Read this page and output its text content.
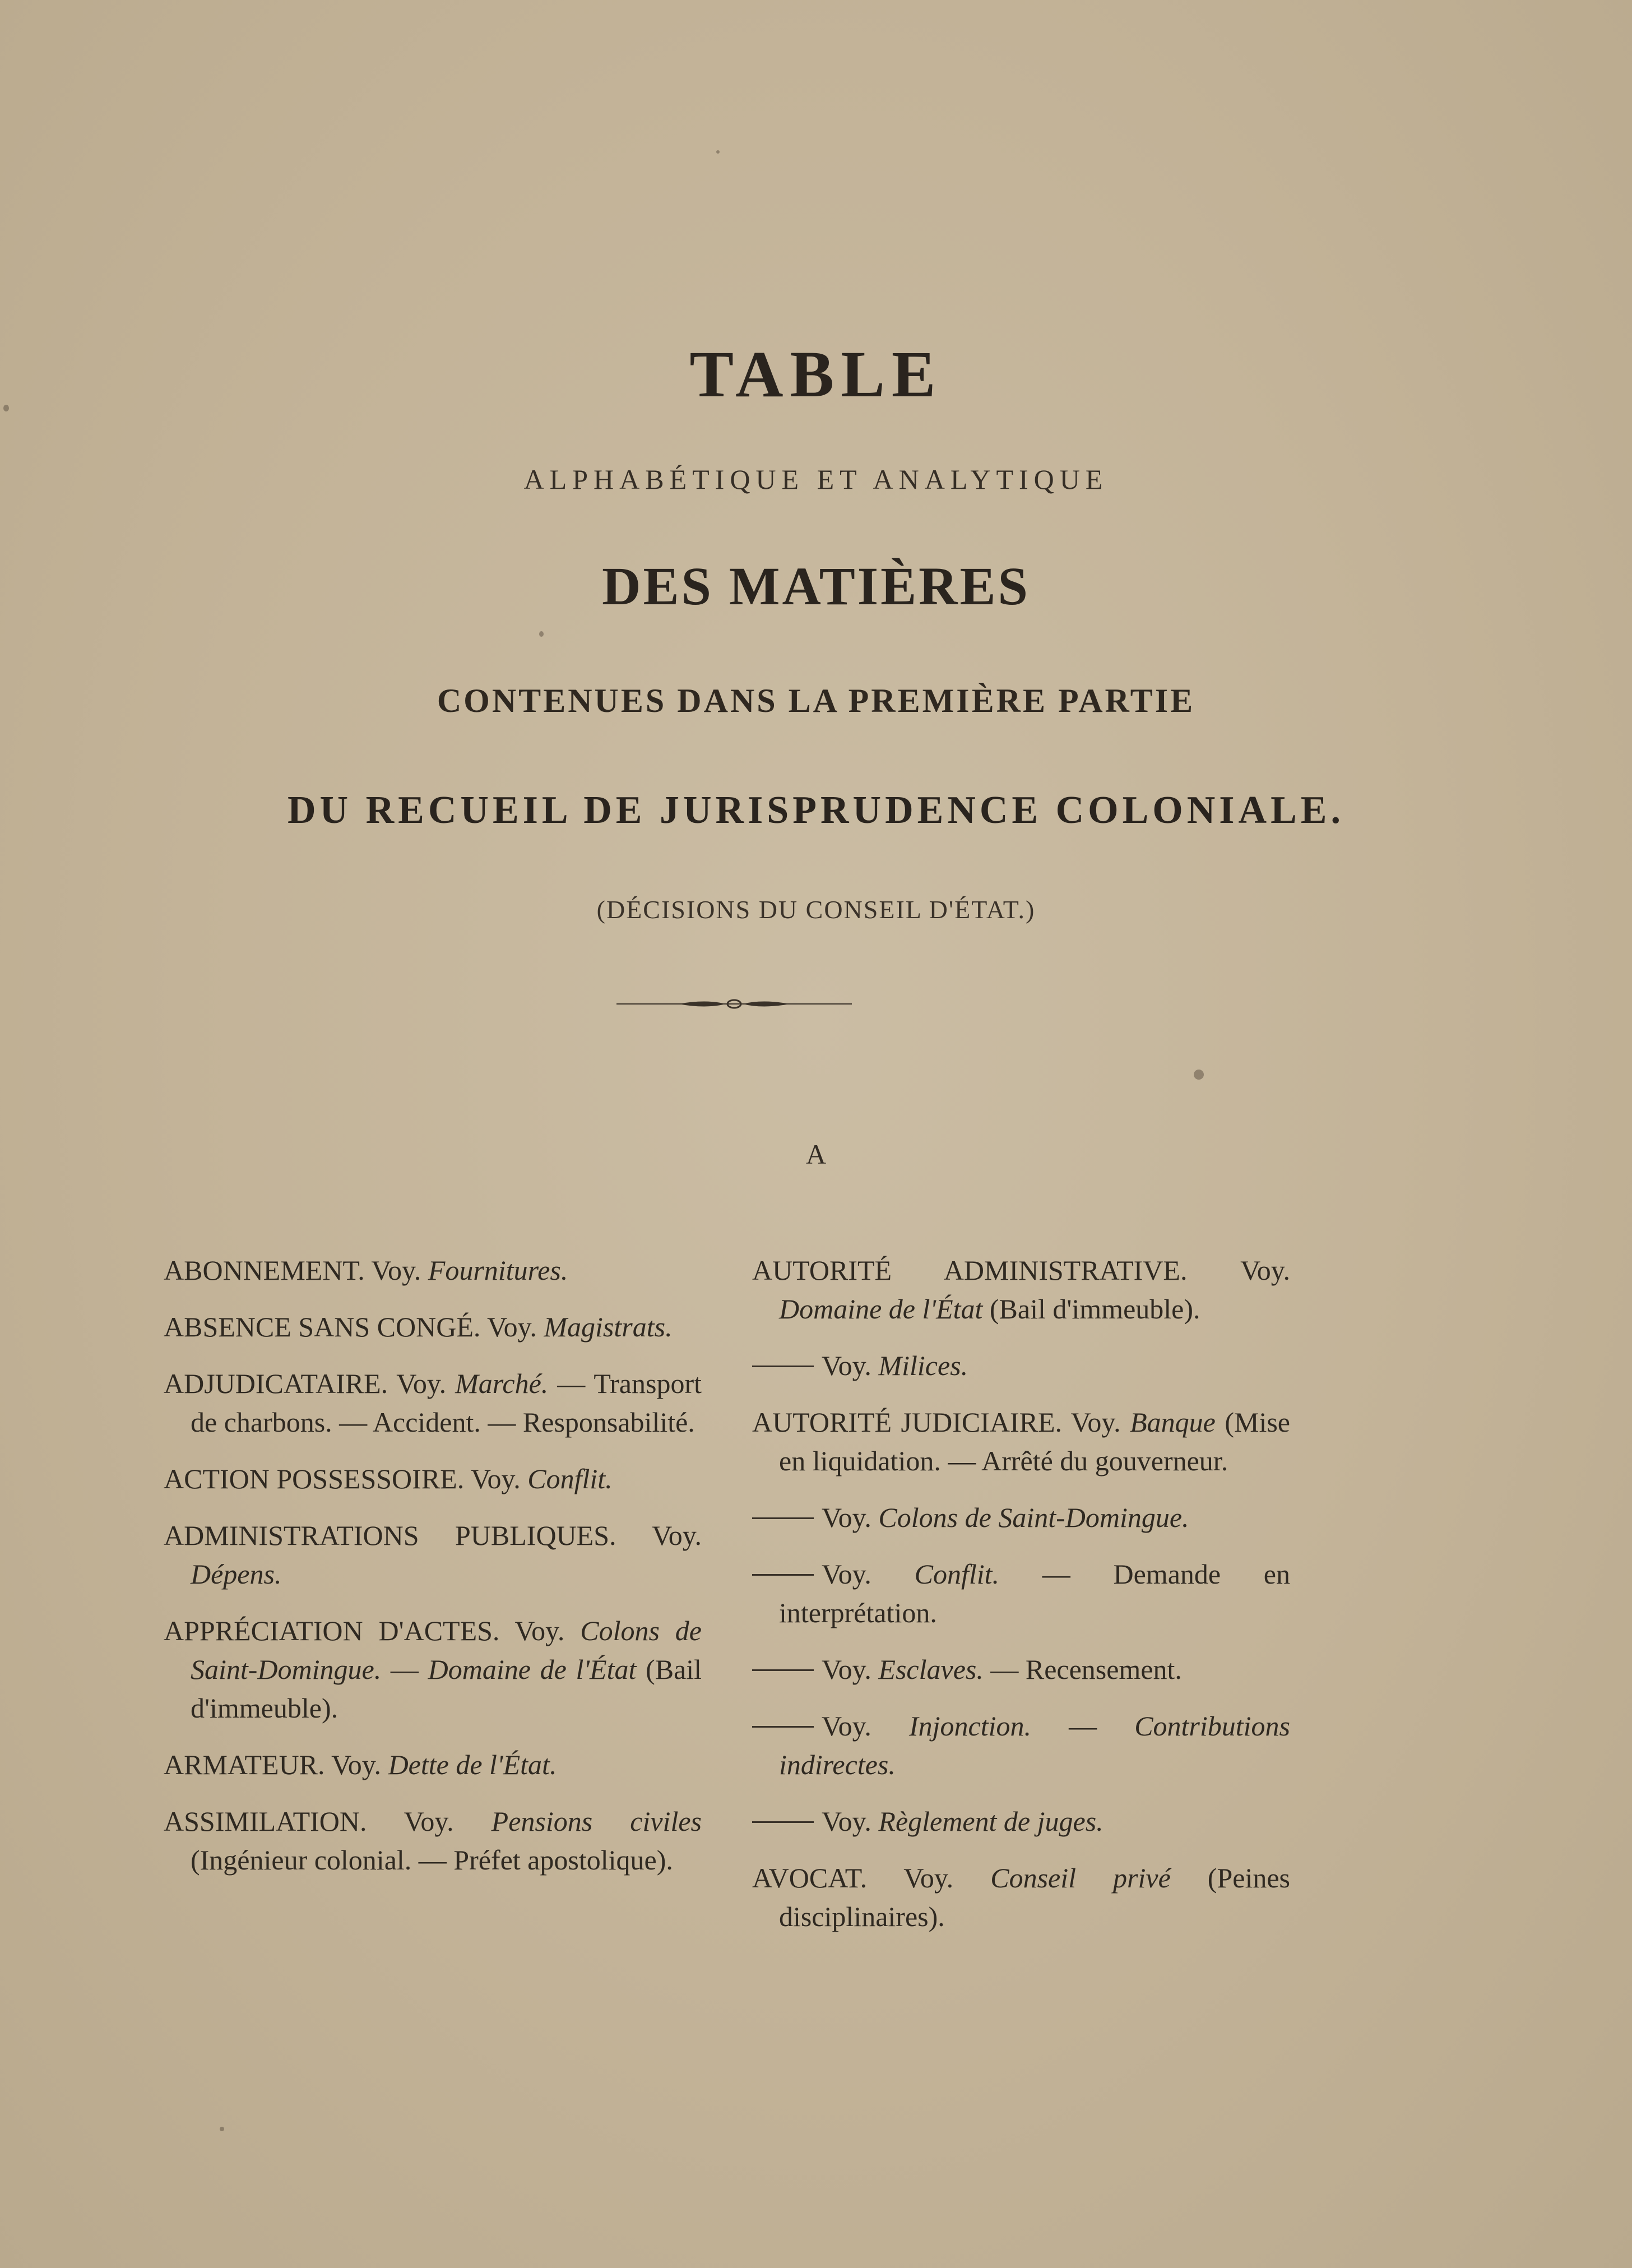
TABLE
ALPHABÉTIQUE ET ANALYTIQUE
DES MATIÈRES
CONTENUES DANS LA PREMIÈRE PARTIE
DU RECUEIL DE JURISPRUDENCE COLONIALE.
(DÉCISIONS DU CONSEIL D'ÉTAT.)
A

ABONNEMENT. Voy. Fournitures.

ABSENCE SANS CONGÉ. Voy. Magistrats.

ADJUDICATAIRE. Voy. Marché. — Transport de charbons. — Accident. — Responsabilité.

ACTION POSSESSOIRE. Voy. Conflit.

ADMINISTRATIONS PUBLIQUES. Voy. Dépens.

APPRÉCIATION D'ACTES. Voy. Colons de Saint-Domingue. — Domaine de l'État (Bail d'immeuble).

ARMATEUR. Voy. Dette de l'État.

ASSIMILATION. Voy. Pensions civiles (Ingénieur colonial. — Préfet apostolique).

AUTORITÉ ADMINISTRATIVE. Voy. Domaine de l'État (Bail d'immeuble).

Voy. Milices.

AUTORITÉ JUDICIAIRE. Voy. Banque (Mise en liquidation. — Arrêté du gouverneur.

Voy. Colons de Saint-Domingue.

Voy. Conflit. — Demande en interprétation.

Voy. Esclaves. — Recensement.

Voy. Injonction. — Contributions indirectes.

Voy. Règlement de juges.

AVOCAT. Voy. Conseil privé (Peines disciplinaires).
